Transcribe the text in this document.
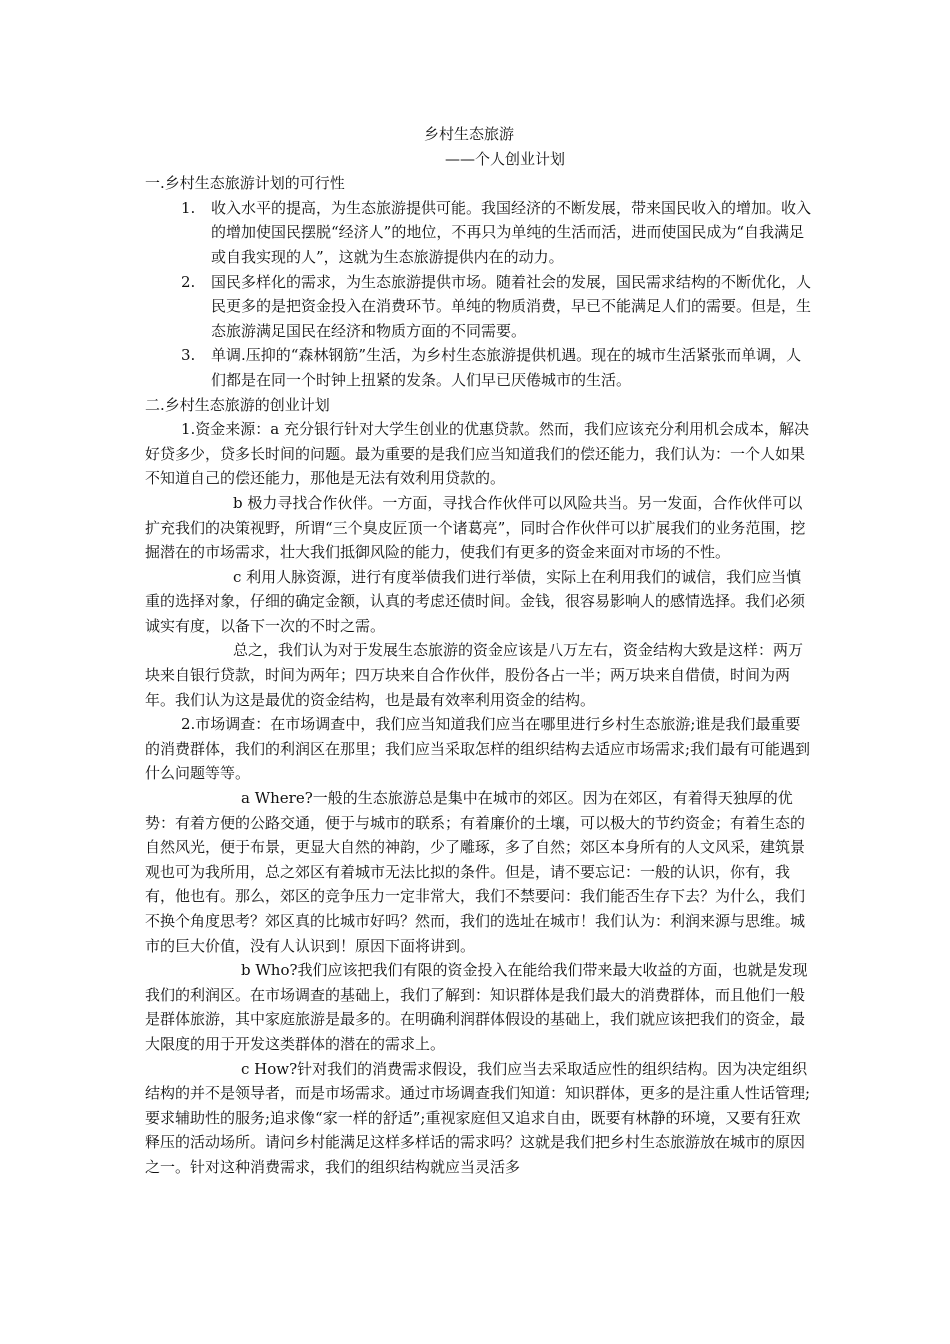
乡村生态旅游

——个人创业计划

一.乡村生态旅游计划的可行性

1. 收入水平的提高，为生态旅游提供可能。我国经济的不断发展，带来国民收入的增加。收入的增加使国民摆脱“经济人”的地位，不再只为单纯的生活而活，进而使国民成为“自我满足或自我实现的人”，这就为生态旅游提供内在的动力。
2. 国民多样化的需求，为生态旅游提供市场。随着社会的发展，国民需求结构的不断优化，人民更多的是把资金投入在消费环节。单纯的物质消费，早已不能满足人们的需要。但是，生态旅游满足国民在经济和物质方面的不同需要。
3. 单调.压抑的“森林钢筋”生活，为乡村生态旅游提供机遇。现在的城市生活紧张而单调，人们都是在同一个时钟上扭紧的发条。人们早已厌倦城市的生活。

二.乡村生态旅游的创业计划

1.资金来源：a 充分银行针对大学生创业的优惠贷款。然而，我们应该充分利用机会成本，解决好贷多少，贷多长时间的问题。最为重要的是我们应当知道我们的偿还能力，我们认为：一个人如果不知道自己的偿还能力，那他是无法有效利用贷款的。

b 极力寻找合作伙伴。一方面，寻找合作伙伴可以风险共当。另一发面，合作伙伴可以扩充我们的决策视野，所谓“三个臭皮匠顶一个诸葛亮”，同时合作伙伴可以扩展我们的业务范围，挖掘潜在的市场需求，壮大我们抵御风险的能力，使我们有更多的资金来面对市场的不性。

c 利用人脉资源，进行有度举债我们进行举债，实际上在利用我们的诚信，我们应当慎重的选择对象，仔细的确定金额，认真的考虑还债时间。金钱，很容易影响人的感情选择。我们必须诚实有度，以备下一次的不时之需。

总之，我们认为对于发展生态旅游的资金应该是八万左右，资金结构大致是这样：两万块来自银行贷款，时间为两年；四万块来自合作伙伴，股份各占一半；两万块来自借债，时间为两年。我们认为这是最优的资金结构，也是最有效率利用资金的结构。

2.市场调查：在市场调查中，我们应当知道我们应当在哪里进行乡村生态旅游;谁是我们最重要的消费群体，我们的利润区在那里；我们应当采取怎样的组织结构去适应市场需求;我们最有可能遇到什么问题等等。

a Where?一般的生态旅游总是集中在城市的郊区。因为在郊区，有着得天独厚的优势：有着方便的公路交通，便于与城市的联系；有着廉价的土壤，可以极大的节约资金；有着生态的自然风光，便于布景，更显大自然的神韵，少了雕琢，多了自然；郊区本身所有的人文风采，建筑景观也可为我所用，总之郊区有着城市无法比拟的条件。但是，请不要忘记：一般的认识，你有，我有，他也有。那么，郊区的竞争压力一定非常大，我们不禁要问：我们能否生存下去？为什么，我们不换个角度思考？郊区真的比城市好吗？然而，我们的选址在城市！我们认为：利润来源与思维。城市的巨大价值，没有人认识到！原因下面将讲到。

b Who?我们应该把我们有限的资金投入在能给我们带来最大收益的方面，也就是发现我们的利润区。在市场调查的基础上，我们了解到：知识群体是我们最大的消费群体，而且他们一般是群体旅游，其中家庭旅游是最多的。在明确利润群体假设的基础上，我们就应该把我们的资金，最大限度的用于开发这类群体的潜在的需求上。

c How?针对我们的消费需求假设，我们应当去采取适应性的组织结构。因为决定组织结构的并不是领导者，而是市场需求。通过市场调查我们知道：知识群体，更多的是注重人性话管理;要求辅助性的服务;追求像“家一样的舒适”;重视家庭但又追求自由，既要有林静的环境，又要有狂欢释压的活动场所。请问乡村能满足这样多样话的需求吗？这就是我们把乡村生态旅游放在城市的原因之一。针对这种消费需求，我们的组织结构就应当灵活多
